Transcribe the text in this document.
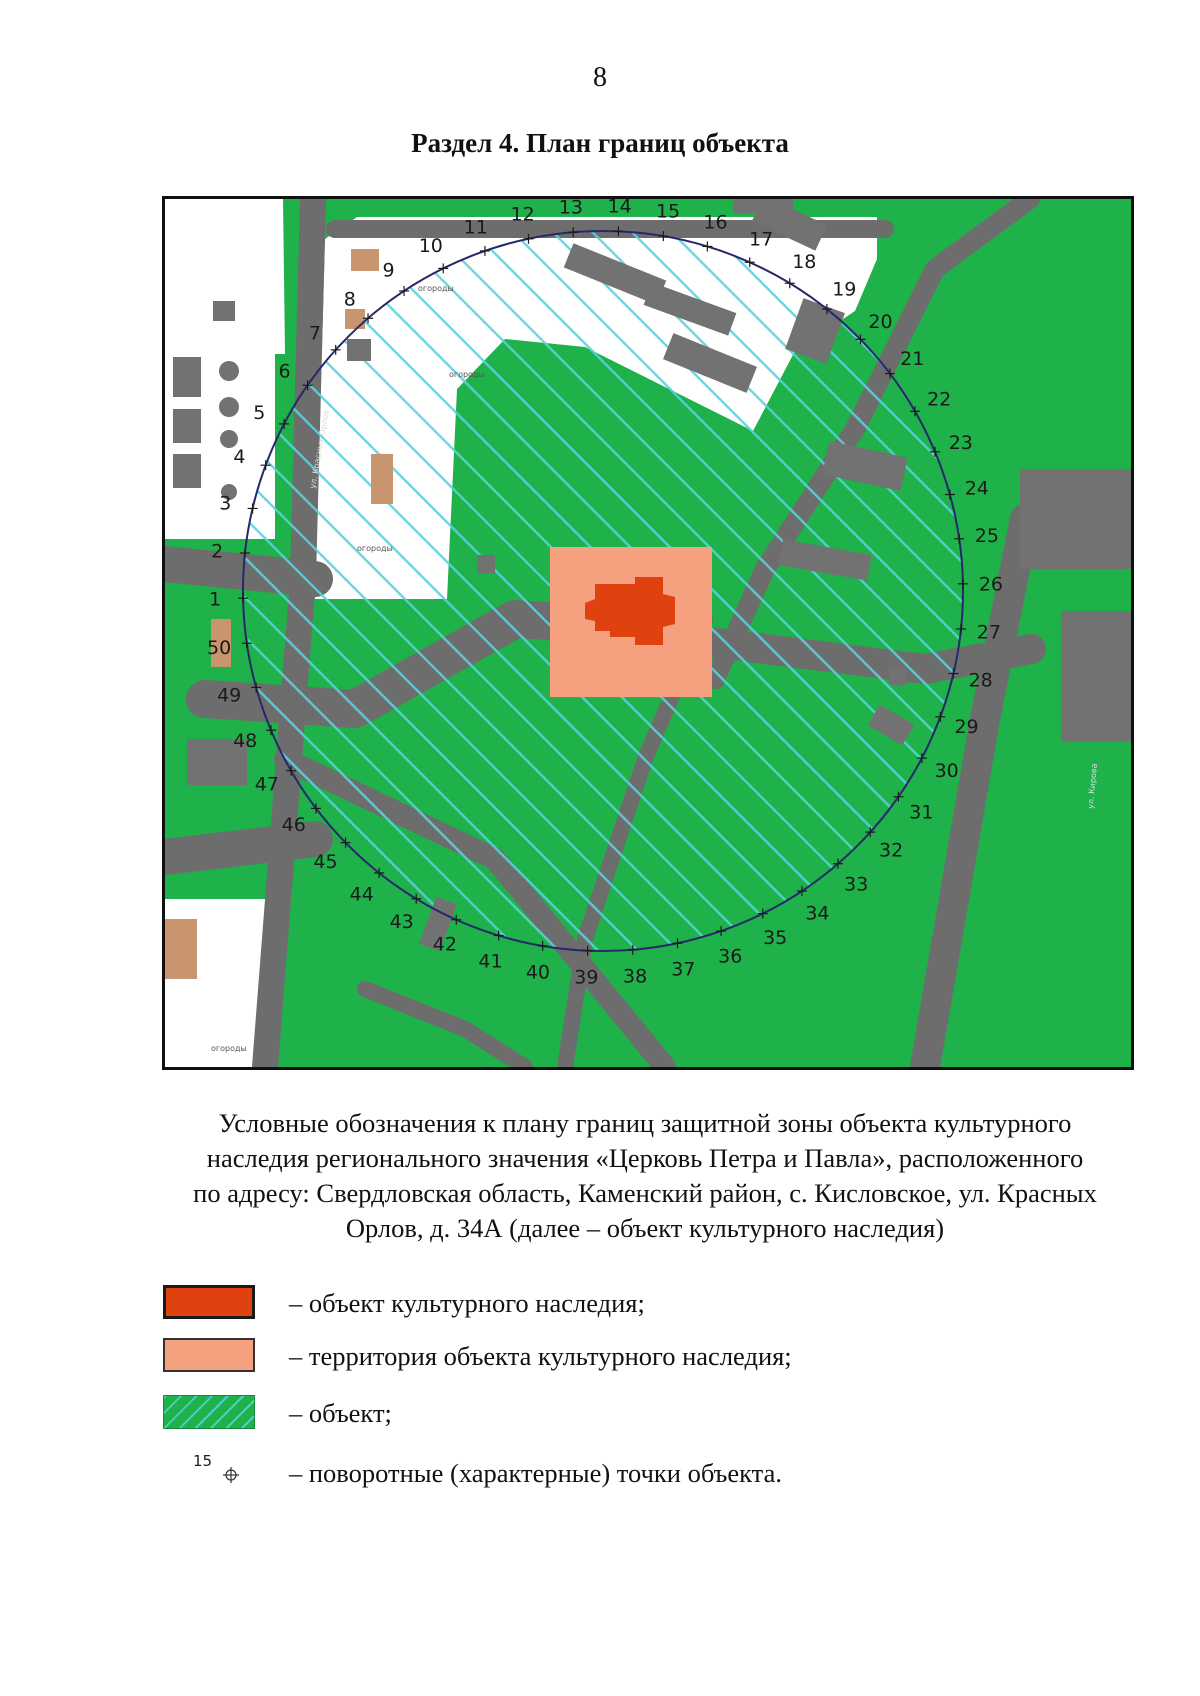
8
Раздел 4. План границ объекта
огороды
огороды
огороды
огороды
ул. Красных Орлов
ул. Кирова
1
2
3
4
5
6
7
8
9
10
11
12 13 14 15
16
17
18
19
20
21
22
23
24
25
26
27
28
29
30
31
32
33
34
35
36
37
38
39
40
41
42
43
44
45
46
47
48
49
50
Условные обозначения к плану границ защитной зоны объекта культурного
наследия регионального значения «Церковь Петра и Павла», расположенного
по адресу: Свердловская область, Каменский район, с. Кисловское, ул. Красных
Орлов, д. 34А (далее – объект культурного наследия)
– объект культурного наследия;
– территория объекта культурного наследия;
– объект;
15	– поворотные (характерные) точки объекта.
